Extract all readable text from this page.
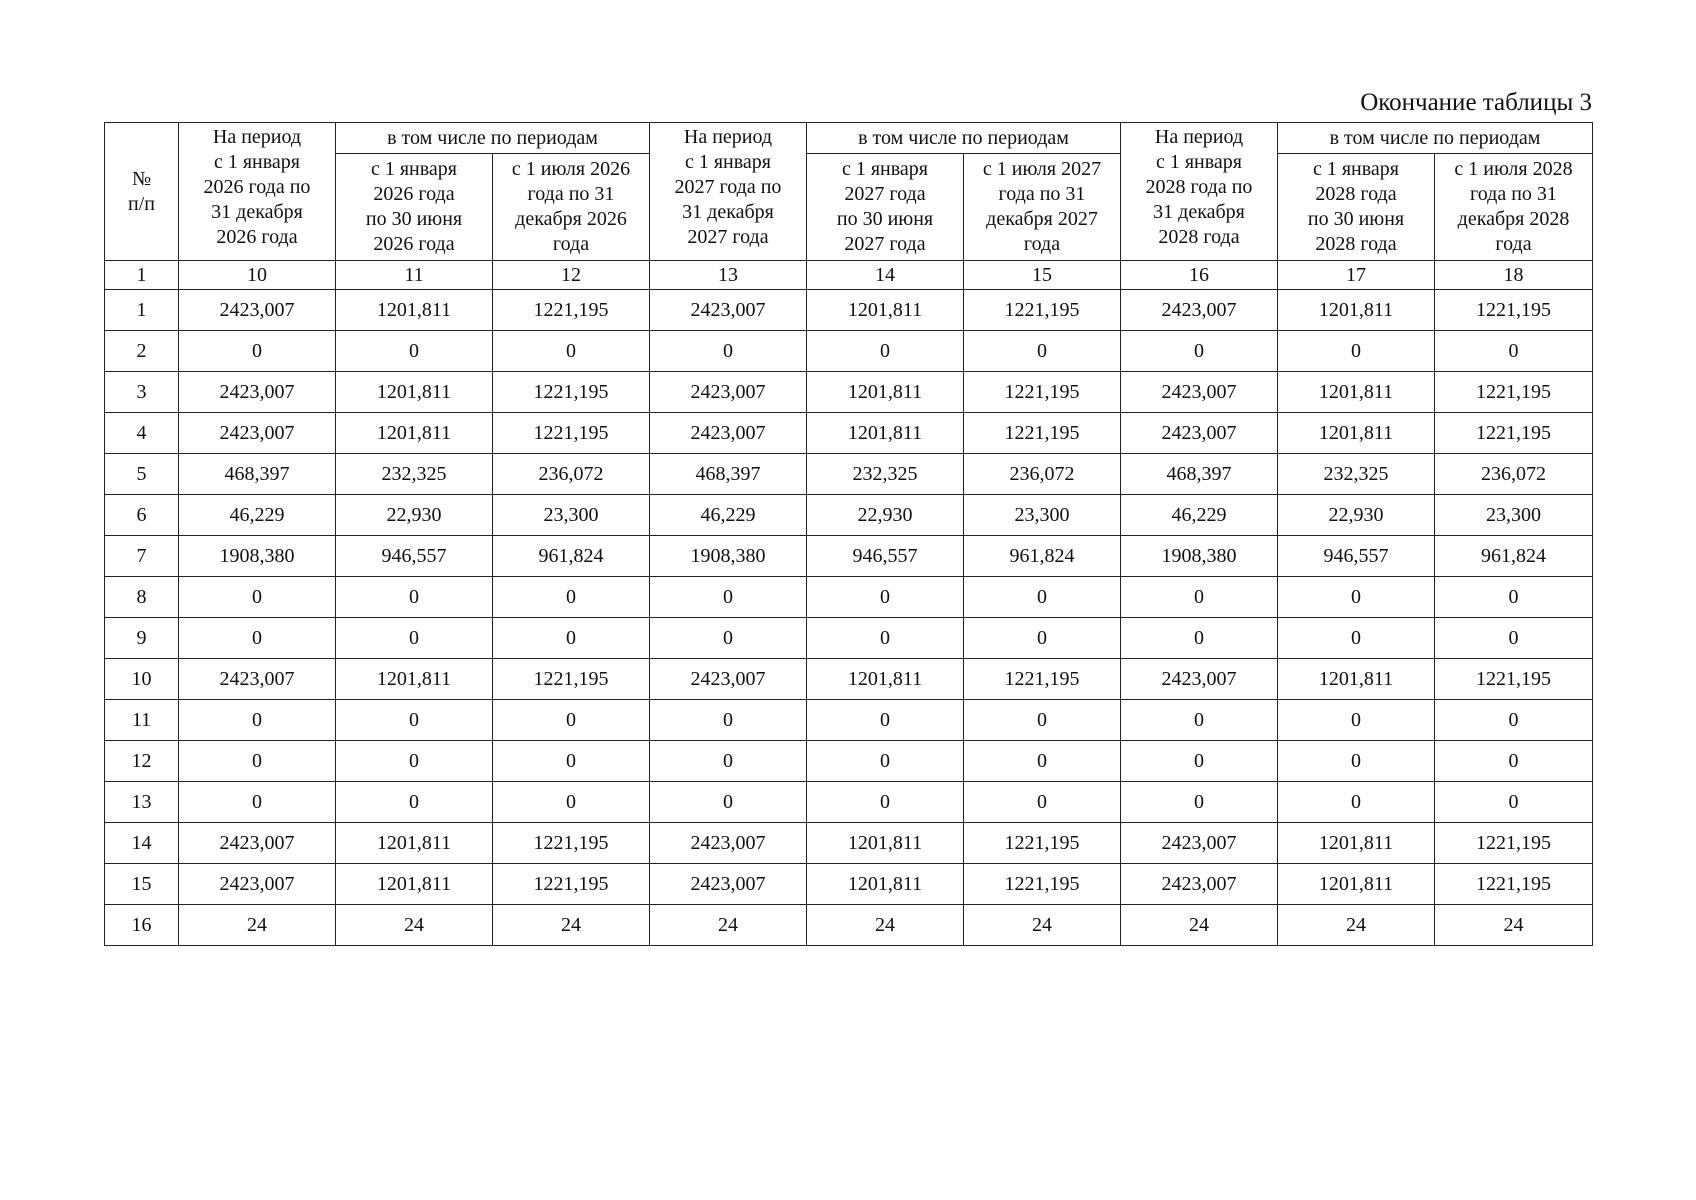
Окончание таблицы 3
№
п/п	На период
с 1 января
2026 года по
31 декабря
2026 года	в том числе по периодам		На период
с 1 января
2027 года по
31 декабря
2027 года	в том числе по периодам		На период
с 1 января
2028 года по
31 декабря
2028 года	в том числе по периодам	
		с 1 января
2026 года
по 30 июня
2026 года	с 1 июля 2026
года по 31
декабря 2026
года		с 1 января
2027 года
по 30 июня
2027 года	с 1 июля 2027
года по 31
декабря 2027
года		с 1 января
2028 года
по 30 июня
2028 года	с 1 июля 2028
года по 31
декабря 2028
года
1	10	11	12	13	14	15	16	17	18
1	2423,007	1201,811	1221,195	2423,007	1201,811	1221,195	2423,007	1201,811	1221,195
2	0	0	0	0	0	0	0	0	0
3	2423,007	1201,811	1221,195	2423,007	1201,811	1221,195	2423,007	1201,811	1221,195
4	2423,007	1201,811	1221,195	2423,007	1201,811	1221,195	2423,007	1201,811	1221,195
5	468,397	232,325	236,072	468,397	232,325	236,072	468,397	232,325	236,072
6	46,229	22,930	23,300	46,229	22,930	23,300	46,229	22,930	23,300
7	1908,380	946,557	961,824	1908,380	946,557	961,824	1908,380	946,557	961,824
8	0	0	0	0	0	0	0	0	0
9	0	0	0	0	0	0	0	0	0
10	2423,007	1201,811	1221,195	2423,007	1201,811	1221,195	2423,007	1201,811	1221,195
11	0	0	0	0	0	0	0	0	0
12	0	0	0	0	0	0	0	0	0
13	0	0	0	0	0	0	0	0	0
14	2423,007	1201,811	1221,195	2423,007	1201,811	1221,195	2423,007	1201,811	1221,195
15	2423,007	1201,811	1221,195	2423,007	1201,811	1221,195	2423,007	1201,811	1221,195
16	24	24	24	24	24	24	24	24	24
